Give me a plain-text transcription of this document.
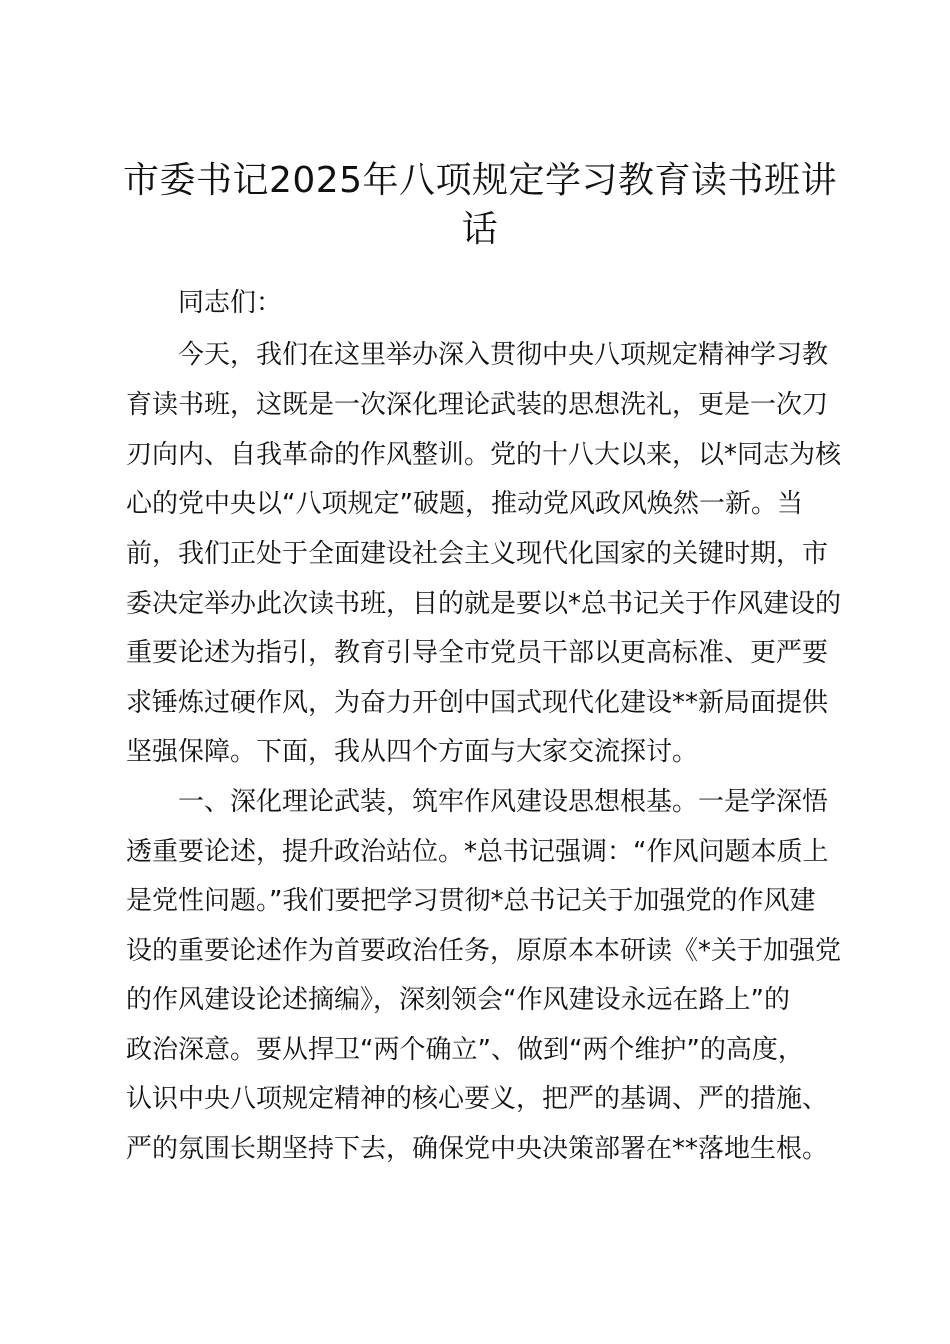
市委书记2025年八项规定学习教育读书班讲
话

同志们：

今天，我们在这里举办深入贯彻中央八项规定精神学习教

育读书班，这既是一次深化理论武装的思想洗礼，更是一次刀

刃向内、自我革命的作风整训。党的十八大以来，以*同志为核

心的党中央以“八项规定”破题，推动党风政风焕然一新。当

前，我们正处于全面建设社会主义现代化国家的关键时期，市

委决定举办此次读书班，目的就是要以*总书记关于作风建设的

重要论述为指引，教育引导全市党员干部以更高标准、更严要

求锤炼过硬作风，为奋力开创中国式现代化建设**新局面提供

坚强保障。下面，我从四个方面与大家交流探讨。

一、深化理论武装，筑牢作风建设思想根基。一是学深悟

透重要论述，提升政治站位。*总书记强调：“作风问题本质上

是党性问题。”我们要把学习贯彻*总书记关于加强党的作风建

设的重要论述作为首要政治任务，原原本本研读《*关于加强党

的作风建设论述摘编》，深刻领会“作风建设永远在路上”的

政治深意。要从捍卫“两个确立”、做到“两个维护”的高度，

认识中央八项规定精神的核心要义，把严的基调、严的措施、

严的氛围长期坚持下去，确保党中央决策部署在**落地生根。
